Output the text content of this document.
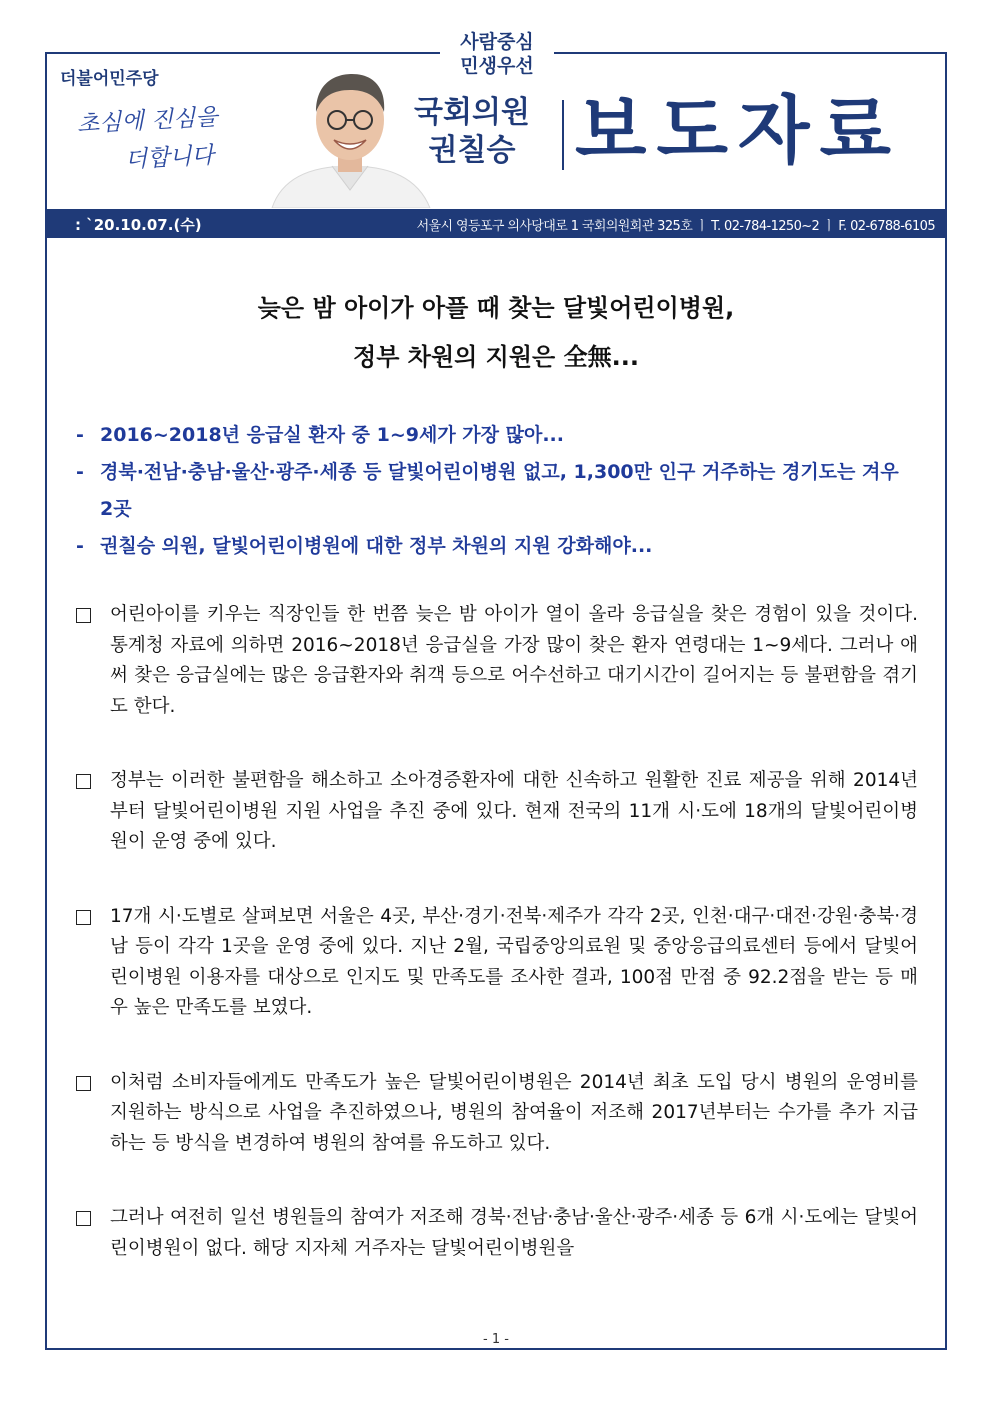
사람중심
민생우선
더불어민주당
초심에 진심을
더합니다
국회의원
권칠승 보도자료
: `20.10.07.(수)	서울시 영등포구 의사당대로 1 국회의원회관 325호 ㅣ T. 02-784-1250~2 ㅣ F. 02-6788-6105
늦은 밤 아이가 아플 때 찾는 달빛어린이병원,
정부 차원의 지원은 全無...
- 2016~2018년 응급실 환자 중 1~9세가 가장 많아...
- 경북·전남·충남·울산·광주·세종 등 달빛어린이병원 없고, 1,300만 인구 거주하는 경기도는 겨우 2곳
- 권칠승 의원, 달빛어린이병원에 대한 정부 차원의 지원 강화해야...
어린아이를 키우는 직장인들 한 번쯤 늦은 밤 아이가 열이 올라 응급실을 찾은 경험이 있을 것이다. 통계청 자료에 의하면 2016~2018년 응급실을 가장 많이 찾은 환자 연령대는 1~9세다. 그러나 애써 찾은 응급실에는 많은 응급환자와 취객 등으로 어수선하고 대기시간이 길어지는 등 불편함을 겪기도 한다.
정부는 이러한 불편함을 해소하고 소아경증환자에 대한 신속하고 원활한 진료 제공을 위해 2014년부터 달빛어린이병원 지원 사업을 추진 중에 있다. 현재 전국의 11개 시·도에 18개의 달빛어린이병원이 운영 중에 있다.
17개 시·도별로 살펴보면 서울은 4곳, 부산·경기·전북·제주가 각각 2곳, 인천·대구·대전·강원·충북·경남 등이 각각 1곳을 운영 중에 있다. 지난 2월, 국립중앙의료원 및 중앙응급의료센터 등에서 달빛어린이병원 이용자를 대상으로 인지도 및 만족도를 조사한 결과, 100점 만점 중 92.2점을 받는 등 매우 높은 만족도를 보였다.
이처럼 소비자들에게도 만족도가 높은 달빛어린이병원은 2014년 최초 도입 당시 병원의 운영비를 지원하는 방식으로 사업을 추진하였으나, 병원의 참여율이 저조해 2017년부터는 수가를 추가 지급하는 등 방식을 변경하여 병원의 참여를 유도하고 있다.
그러나 여전히 일선 병원들의 참여가 저조해 경북·전남·충남·울산·광주·세종 등 6개 시·도에는 달빛어린이병원이 없다. 해당 지자체 거주자는 달빛어린이병원을
- 1 -
